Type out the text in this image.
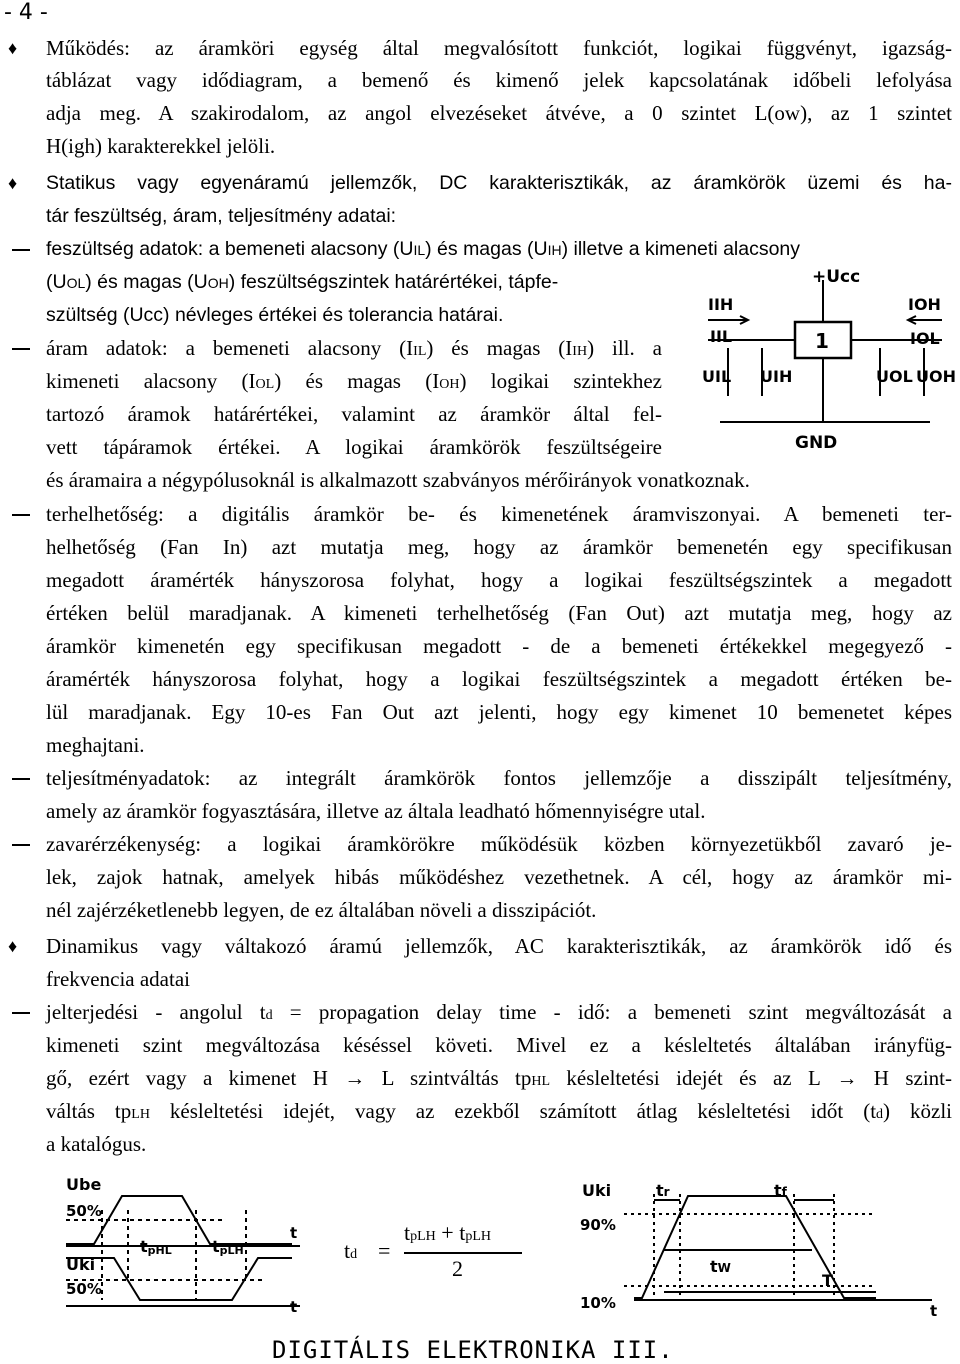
- 4 -
♦ Működés: az áramköri egység által megvalósított funkciót, logikai függvényt, igazság-
táblázat vagy idődiagram, a bemenő és kimenő jelek kapcsolatának időbeli lefolyása
adja meg. A szakirodalom, az angol elvezéseket átvéve, a 0 szintet L(ow), az 1 szintet
H(igh) karakterekkel jelöli.
♦ Statikus vagy egyenáramú jellemzők, DC karakterisztikák, az áramkörök üzemi és ha-
tár feszültség, áram, teljesítmény adatai:
feszültség adatok: a bemeneti alacsony (UIL) és magas (UIH) illetve a kimeneti alacsony
(UOL) és magas (UOH) feszültségszintek határértékei, tápfe-
szültség (Ucc) névleges értékei és tolerancia határai.
áram adatok: a bemeneti alacsony (IIL) és magas (IIH) ill. a
kimeneti alacsony (IOL) és magas (IOH) logikai szintekhez
tartozó áramok határértékei, valamint az áramkör által fel-
vett tápáramok értékei. A logikai áramkörök feszültségeire
és áramaira a négypólusoknál is alkalmazott szabványos mérőirányok vonatkoznak.
terhelhetőség: a digitális áramkör be- és kimenetének áramviszonyai. A bemeneti ter-
helhetőség (Fan In) azt mutatja meg, hogy az áramkör bemenetén egy specifikusan
megadott áramérték hányszorosa folyhat, hogy a logikai feszültségszintek a megadott
értéken belül maradjanak. A kimeneti terhelhetőség (Fan Out) azt mutatja meg, hogy az
áramkör kimenetén egy specifikusan megadott - de a bemeneti értékekkel megegyező -
áramérték hányszorosa folyhat, hogy a logikai feszültségszintek a megadott értéken be-
lül maradjanak. Egy 10-es Fan Out azt jelenti, hogy egy kimenet 10 bemenetet képes
meghajtani.
teljesítményadatok: az integrált áramkörök fontos jellemzője a disszipált teljesítmény,
amely az áramkör fogyasztására, illetve az általa leadható hőmennyiségre utal.
zavarérzékenység: a logikai áramkörökre működésük közben környezetükből zavaró je-
lek, zajok hatnak, amelyek hibás működéshez vezethetnek. A cél, hogy az áramkör mi-
nél zajérzéketlenebb legyen, de ez általában növeli a disszipációt.
♦ Dinamikus vagy váltakozó áramú jellemzők, AC karakterisztikák, az áramkörök idő és
frekvencia adatai
jelterjedési - angolul td = propagation delay time - idő: a bemeneti szint megváltozását a
kimeneti szint megváltozása késéssel követi. Mivel ez a késleltetés általában irányfüg-
gő, ezért vagy a kimenet H → L szintváltás tpHL késleltetési idejét és az L → H szint-
váltás tpLH késleltetési idejét, vagy az ezekből számított átlag késleltetési időt (td) közli
a katalógus.
+Ucc
GND
1
IIH
IIL
IOH
IOL
UIL UIH	UOL UOH
Ube
50%
Uki
50%
t
t
tpHL	tpLH	td =
tpLH + tpLH
2
Uki
90%
10%
tr	tf
tW
T
t
DIGITÁLIS ELEKTRONIKA III.
